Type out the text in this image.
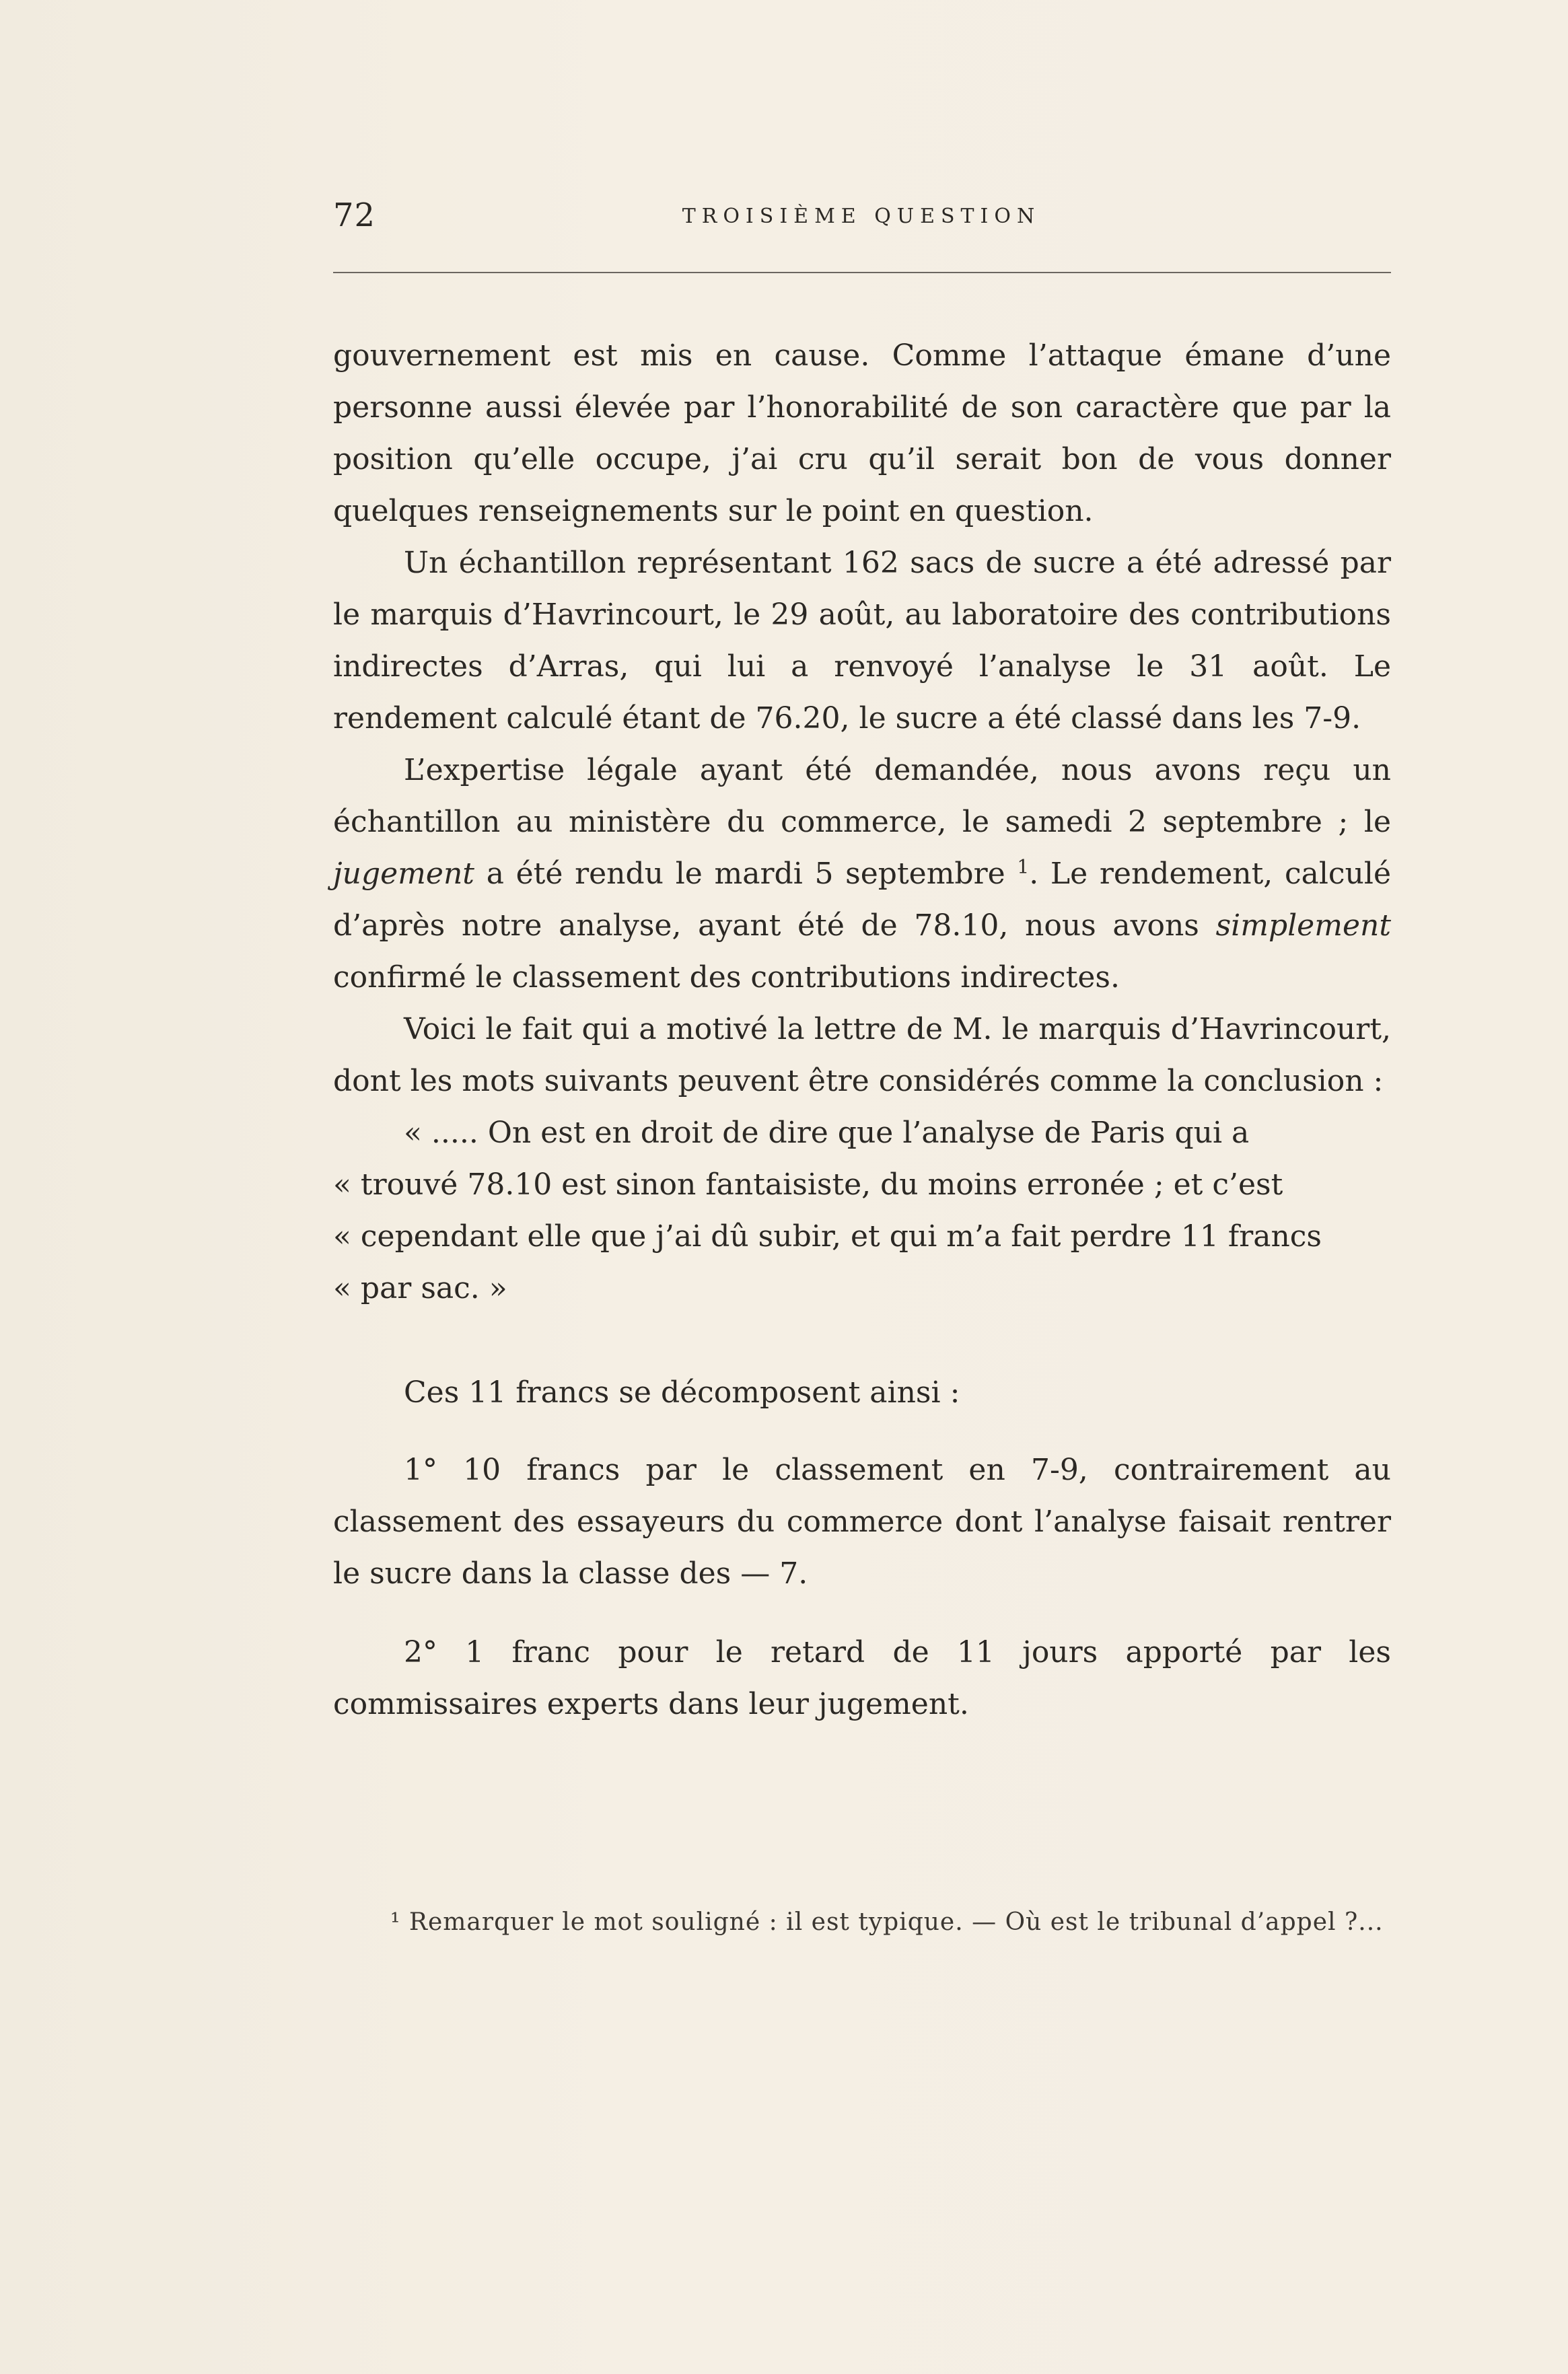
72	TROISIÈME QUESTION

gouvernement est mis en cause. Comme l’attaque émane d’une personne aussi élevée par l’honorabilité de son caractère que par la position qu’elle occupe, j’ai cru qu’il serait bon de vous donner quelques renseignements sur le point en question.

Un échantillon représentant 162 sacs de sucre a été adressé par le marquis d’Havrincourt, le 29 août, au laboratoire des contributions indirectes d’Arras, qui lui a renvoyé l’analyse le 31 août. Le rendement calculé étant de 76.20, le sucre a été classé dans les 7-9.

L’expertise légale ayant été demandée, nous avons reçu un échantillon au ministère du commerce, le samedi 2 septembre ; le jugement a été rendu le mardi 5 septembre $^1$. Le rendement, calculé d’après notre analyse, ayant été de 78.10, nous avons simplement confirmé le classement des contributions indirectes.

Voici le fait qui a motivé la lettre de M. le marquis d’Havrincourt, dont les mots suivants peuvent être considérés comme la conclusion :

« ..... On est en droit de dire que l’analyse de Paris qui a

« trouvé 78.10 est sinon fantaisiste, du moins erronée ; et c’est

« cependant elle que j’ai dû subir, et qui m’a fait perdre 11 francs

« par sac. »

Ces 11 francs se décomposent ainsi :

1° 10 francs par le classement en 7-9, contrairement au classement des essayeurs du commerce dont l’analyse faisait rentrer le sucre dans la classe des — 7.

2° 1 franc pour le retard de 11 jours apporté par les commissaires experts dans leur jugement.

¹ Remarquer le mot souligné : il est typique. — Où est le tribunal d’appel ?...
